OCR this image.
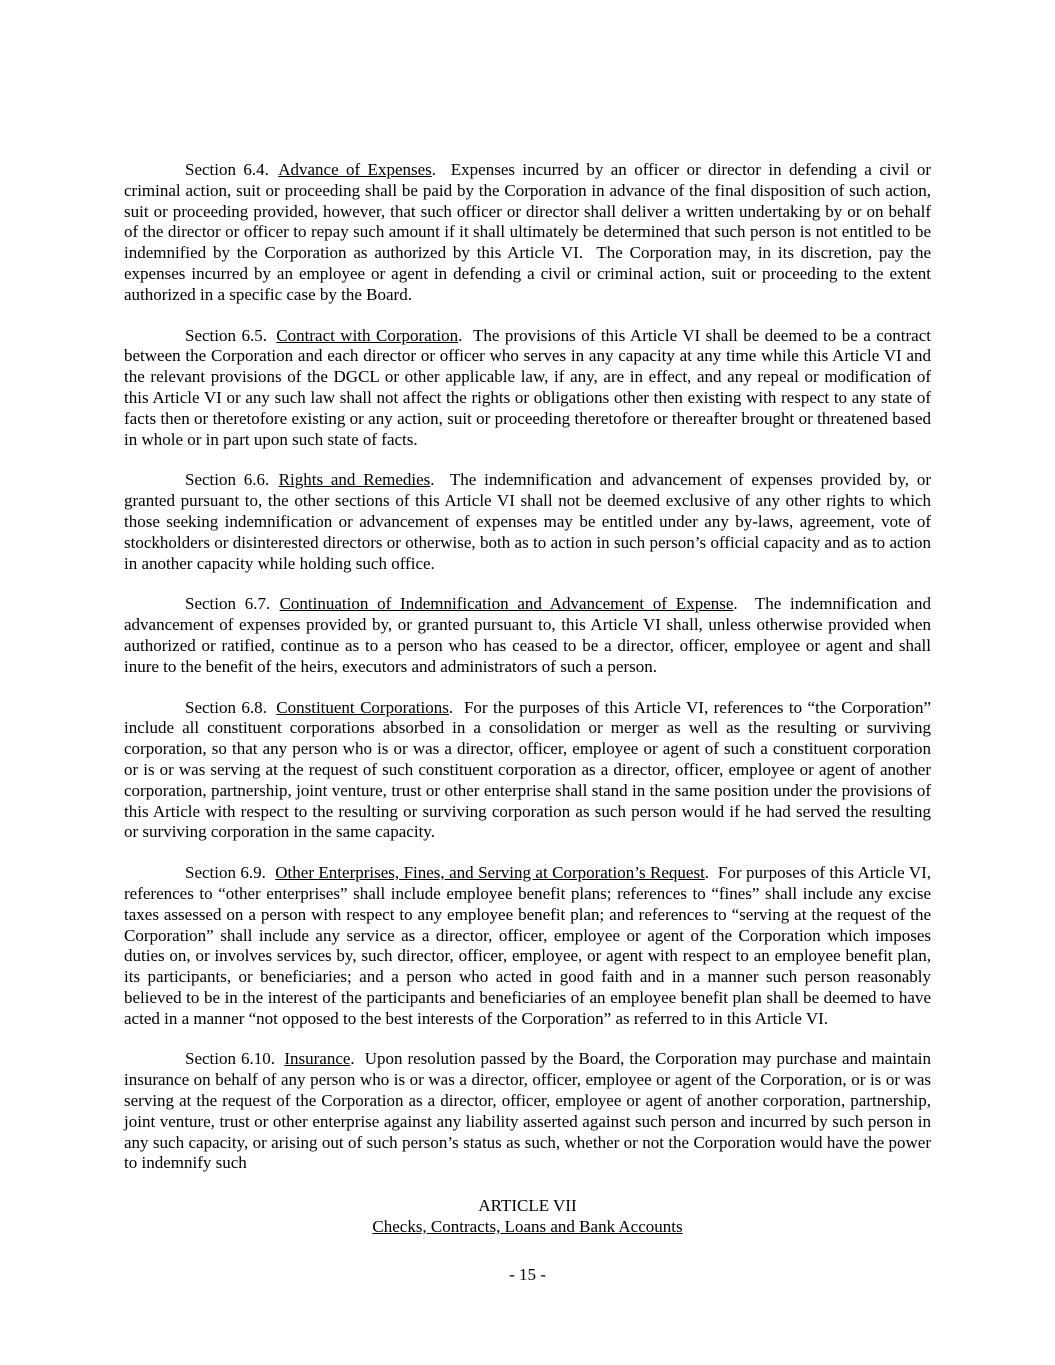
Section 6.4. Advance of Expenses.  Expenses incurred by an officer or director in defending a civil or criminal action, suit or proceeding shall be paid by the Corporation in advance of the final disposition of such action, suit or proceeding provided, however, that such officer or director shall deliver a written undertaking by or on behalf of the director or officer to repay such amount if it shall ultimately be determined that such person is not entitled to be indemnified by the Corporation as authorized by this Article VI.  The Corporation may, in its discretion, pay the expenses incurred by an employee or agent in defending a civil or criminal action, suit or proceeding to the extent authorized in a specific case by the Board.

Section 6.5. Contract with Corporation.  The provisions of this Article VI shall be deemed to be a contract between the Corporation and each director or officer who serves in any capacity at any time while this Article VI and the relevant provisions of the DGCL or other applicable law, if any, are in effect, and any repeal or modification of this Article VI or any such law shall not affect the rights or obligations other then existing with respect to any state of facts then or theretofore existing or any action, suit or proceeding theretofore or thereafter brought or threatened based in whole or in part upon such state of facts.

Section 6.6. Rights and Remedies.  The indemnification and advancement of expenses provided by, or granted pursuant to, the other sections of this Article VI shall not be deemed exclusive of any other rights to which those seeking indemnification or advancement of expenses may be entitled under any by-laws, agreement, vote of stockholders or disinterested directors or otherwise, both as to action in such person’s official capacity and as to action in another capacity while holding such office.

Section 6.7. Continuation of Indemnification and Advancement of Expense.  The indemnification and advancement of expenses provided by, or granted pursuant to, this Article VI shall, unless otherwise provided when authorized or ratified, continue as to a person who has ceased to be a director, officer, employee or agent and shall inure to the benefit of the heirs, executors and administrators of such a person.

Section 6.8. Constituent Corporations.  For the purposes of this Article VI, references to “the Corporation” include all constituent corporations absorbed in a consolidation or merger as well as the resulting or surviving corporation, so that any person who is or was a director, officer, employee or agent of such a constituent corporation or is or was serving at the request of such constituent corporation as a director, officer, employee or agent of another corporation, partnership, joint venture, trust or other enterprise shall stand in the same position under the provisions of this Article with respect to the resulting or surviving corporation as such person would if he had served the resulting or surviving corporation in the same capacity.

Section 6.9. Other Enterprises, Fines, and Serving at Corporation’s Request.  For purposes of this Article VI, references to “other enterprises” shall include employee benefit plans; references to “fines” shall include any excise taxes assessed on a person with respect to any employee benefit plan; and references to “serving at the request of the Corporation” shall include any service as a director, officer, employee or agent of the Corporation which imposes duties on, or involves services by, such director, officer, employee, or agent with respect to an employee benefit plan, its participants, or beneficiaries; and a person who acted in good faith and in a manner such person reasonably believed to be in the interest of the participants and beneficiaries of an employee benefit plan shall be deemed to have acted in a manner “not opposed to the best interests of the Corporation” as referred to in this Article VI.

Section 6.10. Insurance.  Upon resolution passed by the Board, the Corporation may purchase and maintain insurance on behalf of any person who is or was a director, officer, employee or agent of the Corporation, or is or was serving at the request of the Corporation as a director, officer, employee or agent of another corporation, partnership, joint venture, trust or other enterprise against any liability asserted against such person and incurred by such person in any such capacity, or arising out of such person’s status as such, whether or not the Corporation would have the power to indemnify such

ARTICLE VII
Checks, Contracts, Loans and Bank Accounts
- 15 -
